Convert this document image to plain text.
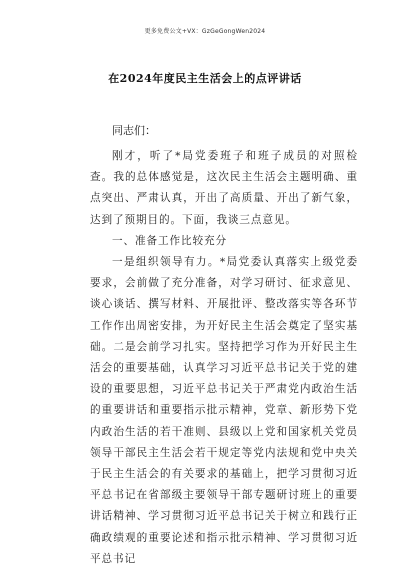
更多免费公文+VX：GzGeGongWen2024
在2024年度民主生活会上的点评讲话

同志们：

刚才，听了*局党委班子和班子成员的对照检查。我的总体感觉是，这次民主生活会主题明确、重点突出、严肃认真，开出了高质量、开出了新气象，达到了预期目的。下面，我谈三点意见。

一、准备工作比较充分

一是组织领导有力。*局党委认真落实上级党委要求，会前做了充分准备，对学习研讨、征求意见、谈心谈话、撰写材料、开展批评、整改落实等各环节工作作出周密安排，为开好民主生活会奠定了坚实基础。二是会前学习扎实。坚持把学习作为开好民主生活会的重要基础，认真学习习近平总书记关于党的建设的重要思想，习近平总书记关于严肃党内政治生活的重要讲话和重要指示批示精神，党章、新形势下党内政治生活的若干准则、县级以上党和国家机关党员领导干部民主生活会若干规定等党内法规和党中央关于民主生活会的有关要求的基础上，把学习贯彻习近平总书记在省部级主要领导干部专题研讨班上的重要讲话精神、学习贯彻习近平总书记关于树立和践行正确政绩观的重要论述和指示批示精神、学习贯彻习近平总书记
